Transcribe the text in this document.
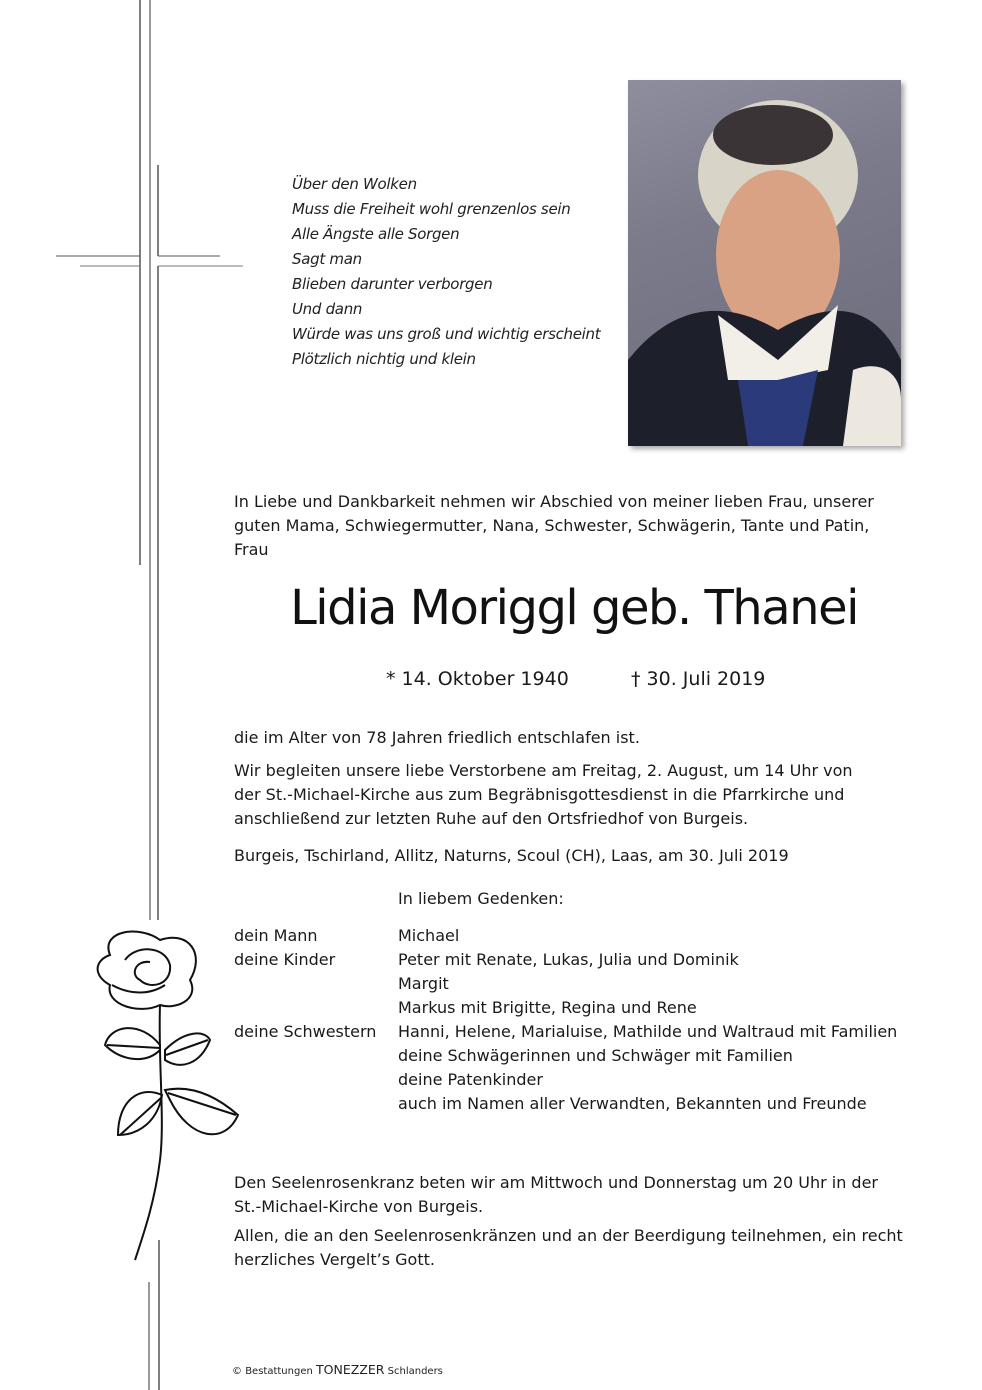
Über den Wolken
Muss die Freiheit wohl grenzenlos sein
Alle Ängste alle Sorgen
Sagt man
Blieben darunter verborgen
Und dann
Würde was uns groß und wichtig erscheint
Plötzlich nichtig und klein
In Liebe und Dankbarkeit nehmen wir Abschied von meiner lieben Frau, unserer
guten Mama, Schwiegermutter, Nana, Schwester, Schwägerin, Tante und Patin,
Frau
Lidia Moriggl geb. Thanei
* 14. Oktober 1940	† 30. Juli 2019
die im Alter von 78 Jahren friedlich entschlafen ist.
Wir begleiten unsere liebe Verstorbene am Freitag, 2. August, um 14 Uhr von
der St.-Michael-Kirche aus zum Begräbnisgottesdienst in die Pfarrkirche und
anschließend zur letzten Ruhe auf den Ortsfriedhof von Burgeis.
Burgeis, Tschirland, Allitz, Naturns, Scoul (CH), Laas, am 30. Juli 2019
In liebem Gedenken:
dein Mann	Michael
deine Kinder	Peter mit Renate, Lukas, Julia und Dominik
Margit
Markus mit Brigitte, Regina und Rene
deine Schwestern	Hanni, Helene, Marialuise, Mathilde und Waltraud mit Familien
deine Schwägerinnen und Schwäger mit Familien
deine Patenkinder
auch im Namen aller Verwandten, Bekannten und Freunde
Den Seelenrosenkranz beten wir am Mittwoch und Donnerstag um 20 Uhr in der
St.-Michael-Kirche von Burgeis.
Allen, die an den Seelenrosenkränzen und an der Beerdigung teilnehmen, ein recht
herzliches Vergelt’s Gott.
© Bestattungen TONEZZER Schlanders
